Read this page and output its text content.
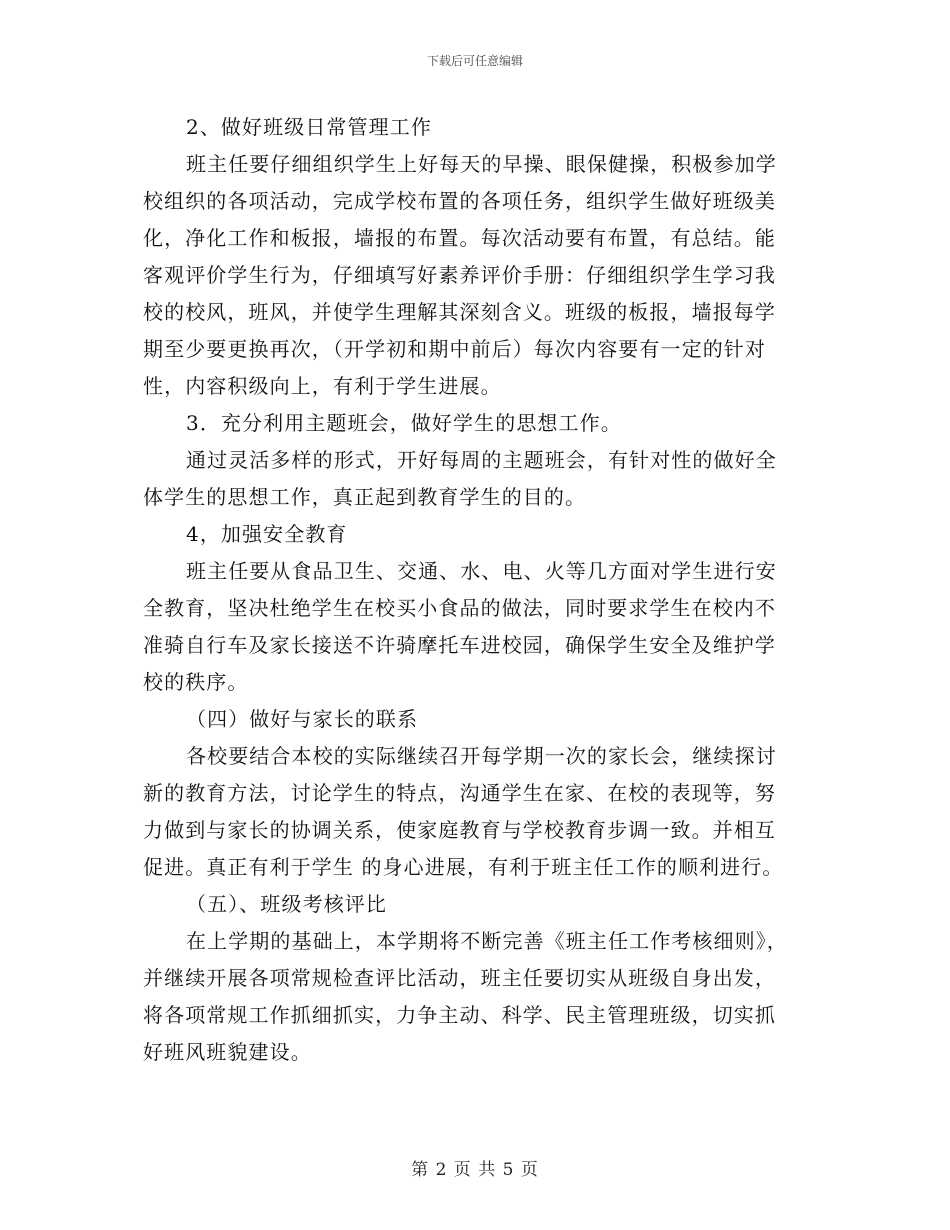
下载后可任意编辑
2、做好班级日常管理工作
班主任要仔细组织学生上好每天的早操、眼保健操，积极参加学
校组织的各项活动，完成学校布置的各项任务，组织学生做好班级美
化，净化工作和板报，墙报的布置。每次活动要有布置，有总结。能
客观评价学生行为，仔细填写好素养评价手册：仔细组织学生学习我
校的校风，班风，并使学生理解其深刻含义。班级的板报，墙报每学
期至少要更换再次，（开学初和期中前后）每次内容要有一定的针对
性，内容积级向上，有利于学生进展。
3．充分利用主题班会，做好学生的思想工作。
通过灵活多样的形式，开好每周的主题班会，有针对性的做好全
体学生的思想工作，真正起到教育学生的目的。
4，加强安全教育
班主任要从食品卫生、交通、水、电、火等几方面对学生进行安
全教育，坚决杜绝学生在校买小食品的做法，同时要求学生在校内不
准骑自行车及家长接送不许骑摩托车进校园，确保学生安全及维护学
校的秩序。
（四）做好与家长的联系
各校要结合本校的实际继续召开每学期一次的家长会，继续探讨
新的教育方法，讨论学生的特点，沟通学生在家、在校的表现等，努
力做到与家长的协调关系，使家庭教育与学校教育步调一致。并相互
促进。真正有利于学生 的身心进展，有利于班主任工作的顺利进行。
（五）、班级考核评比
在上学期的基础上，本学期将不断完善《班主任工作考核细则》，
并继续开展各项常规检查评比活动，班主任要切实从班级自身出发，
将各项常规工作抓细抓实，力争主动、科学、民主管理班级，切实抓
好班风班貌建设。
第 2 页 共 5 页
